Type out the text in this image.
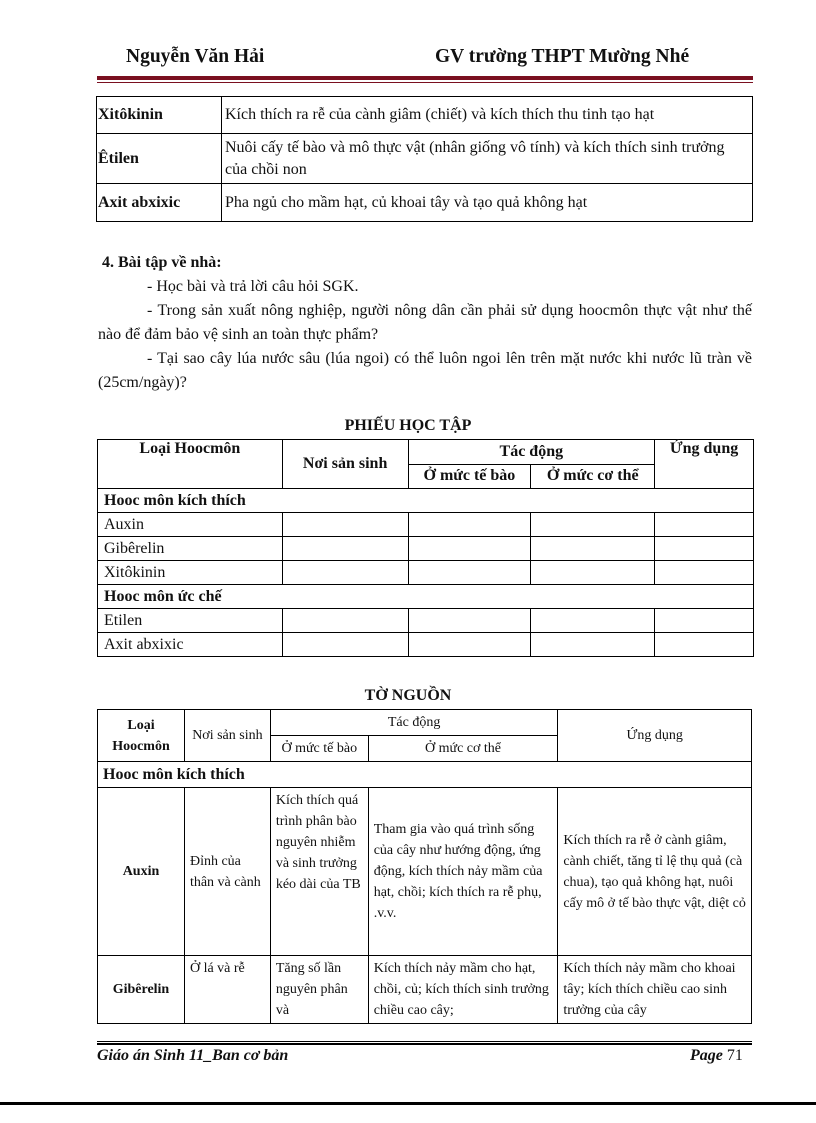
Nguyễn Văn Hải	GV trường THPT Mường Nhé
Xitôkinin	Kích thích ra rễ của cành giâm (chiết) và kích thích thu tinh tạo hạt
Êtilen	Nuôi cấy tế bào và mô thực vật (nhân giống vô tính) và kích thích sinh trưởng của chồi non
Axit abxixic	Pha ngủ cho mầm hạt, củ khoai tây và tạo quả không hạt
4. Bài tập về nhà:
- Học bài và trả lời câu hỏi SGK.
- Trong sản xuất nông nghiệp, người nông dân cần phải sử dụng hoocmôn thực vật như thế nào để đảm bảo vệ sinh an toàn thực phẩm?
- Tại sao cây lúa nước sâu (lúa ngoi) có thể luôn ngoi lên trên mặt nước khi nước lũ tràn về (25cm/ngày)?
PHIẾU HỌC TẬP
Loại Hoocmôn	Nơi sản sinh	Tác động		Ứng dụng
		Ở mức tế bào	Ở mức cơ thể	
Hooc môn kích thích				
Auxin				
Gibêrelin				
Xitôkinin				
Hooc môn ức chế				
Etilen				
Axit abxixic				
TỜ NGUỒN
Loại Hoocmôn	Nơi sản sinh	Tác động		Ứng dụng
		Ở mức tế bào	Ở mức cơ thể	
Hooc môn kích thích				
Auxin	Đỉnh của thân và cành	Kích thích quá trình phân bào nguyên nhiễm và sinh trưởng kéo dài của TB	Tham gia vào quá trình sống của cây như hướng động, ứng động, kích thích nảy mầm của hạt, chồi; kích thích ra rễ phụ, .v.v.	Kích thích ra rễ ở cành giâm, cành chiết, tăng tỉ lệ thụ quả (cà chua), tạo quả không hạt, nuôi cấy mô ở tế bào thực vật, diệt cỏ
Gibêrelin	Ở lá và rễ	Tăng số lần nguyên phân và	Kích thích nảy mầm cho hạt, chồi, củ; kích thích sinh trưởng chiều cao cây;	Kích thích nảy mầm cho khoai tây; kích thích chiều cao sinh trưởng của cây
Giáo án Sinh 11_Ban cơ bản	Page 71
